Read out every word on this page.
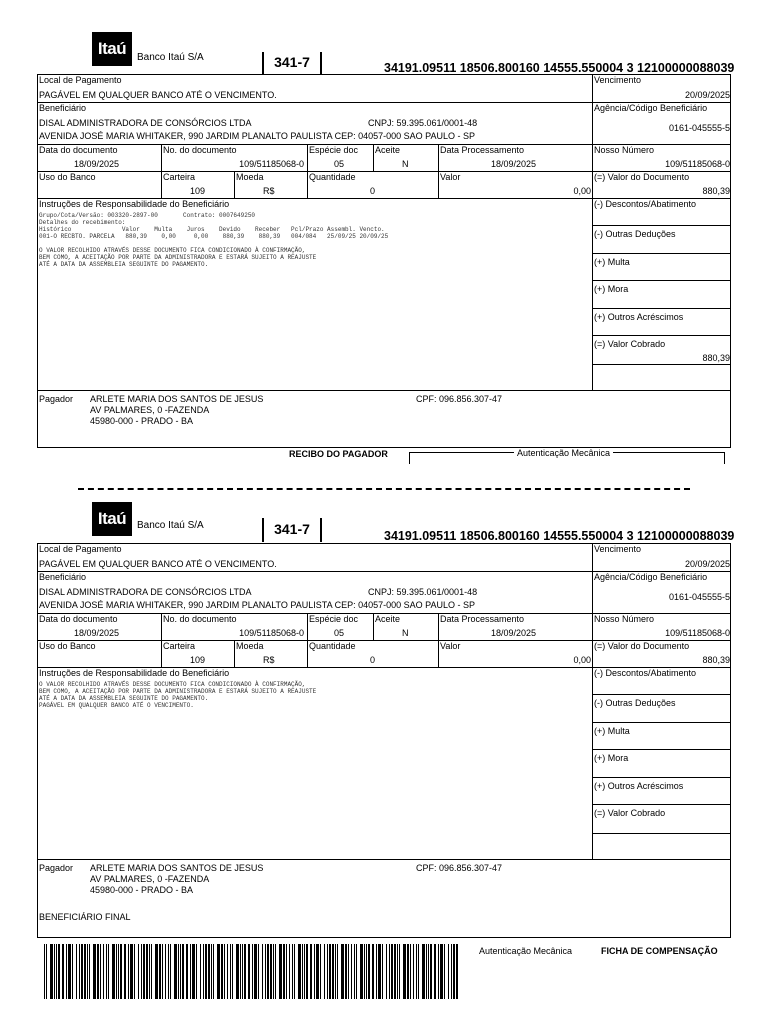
Itaú	Banco Itaú S/A	341-7	34191.09511 18506.800160 14555.550004 3 12100000088039
Local de Pagamento
PAGÁVEL EM QUALQUER BANCO ATÉ O VENCIMENTO.
Vencimento
20/09/2025
Beneficiário
DISAL ADMINISTRADORA DE CONSÓRCIOS LTDA	CNPJ: 59.395.061/0001-48
AVENIDA JOSÉ MARIA WHITAKER, 990 JARDIM PLANALTO PAULISTA CEP: 04057-000 SAO PAULO - SP
Agência/Código Beneficiário
0161-045555-5
Data do documento
18/09/2025
No. do documento
109/51185068-0
Espécie doc
05
Aceite
N
Data Processamento
18/09/2025
Nosso Número
109/51185068-0
Uso do Banco	Carteira
109
Moeda
R$
Quantidade
0
Valor
0,00
(=) Valor do Documento
880,39
Instruções de Responsabilidade do Beneficiário
Grupo/Cota/Versão: 003320-2897-00       Contrato: 0007649250
Detalhes do recebimento:
Histórico              Valor    Multa    Juros    Devido    Receber   Pcl/Prazo Assembl. Vencto.
001-O RECBTO. PARCELA   880,39    0,00     0,00    880,39    880,39   004/084   25/09/25 20/09/25

O VALOR RECOLHIDO ATRAVÉS DESSE DOCUMENTO FICA CONDICIONADO À CONFIRMAÇÃO,
BEM COMO, A ACEITAÇÃO POR PARTE DA ADMINISTRADORA E ESTARÁ SUJEITO A REAJUSTE
ATÉ A DATA DA ASSEMBLEIA SEGUINTE DO PAGAMENTO.
(-) Descontos/Abatimento
(-) Outras Deduções
(+) Multa
(+) Mora
(+) Outros Acréscimos
(=) Valor Cobrado
880,39
Pagador ARLETE MARIA DOS SANTOS DE JESUS	CPF: 096.856.307-47
AV PALMARES, 0 -FAZENDA
45980-000 - PRADO - BA
RECIBO DO PAGADOR	Autenticação Mecânica
Itaú	Banco Itaú S/A	341-7	34191.09511 18506.800160 14555.550004 3 12100000088039
Local de Pagamento
PAGÁVEL EM QUALQUER BANCO ATÉ O VENCIMENTO.
Vencimento
20/09/2025
Beneficiário
DISAL ADMINISTRADORA DE CONSÓRCIOS LTDA	CNPJ: 59.395.061/0001-48
AVENIDA JOSÉ MARIA WHITAKER, 990 JARDIM PLANALTO PAULISTA CEP: 04057-000 SAO PAULO - SP
Agência/Código Beneficiário
0161-045555-5
Data do documento
18/09/2025
No. do documento
109/51185068-0
Espécie doc
05
Aceite
N
Data Processamento
18/09/2025
Nosso Número
109/51185068-0
Uso do Banco	Carteira
109
Moeda
R$
Quantidade
0
Valor
0,00
(=) Valor do Documento
880,39
Instruções de Responsabilidade do Beneficiário
O VALOR RECOLHIDO ATRAVÉS DESSE DOCUMENTO FICA CONDICIONADO À CONFIRMAÇÃO,
BEM COMO, A ACEITAÇÃO POR PARTE DA ADMINISTRADORA E ESTARÁ SUJEITO A REAJUSTE
ATÉ A DATA DA ASSEMBLEIA SEGUINTE DO PAGAMENTO.
PAGÁVEL EM QUALQUER BANCO ATÉ O VENCIMENTO.
(-) Descontos/Abatimento
(-) Outras Deduções
(+) Multa
(+) Mora
(+) Outros Acréscimos
(=) Valor Cobrado
Pagador ARLETE MARIA DOS SANTOS DE JESUS	CPF: 096.856.307-47
AV PALMARES, 0 -FAZENDA
45980-000 - PRADO - BA
BENEFICIÁRIO FINAL
Autenticação Mecânica	FICHA DE COMPENSAÇÃO
